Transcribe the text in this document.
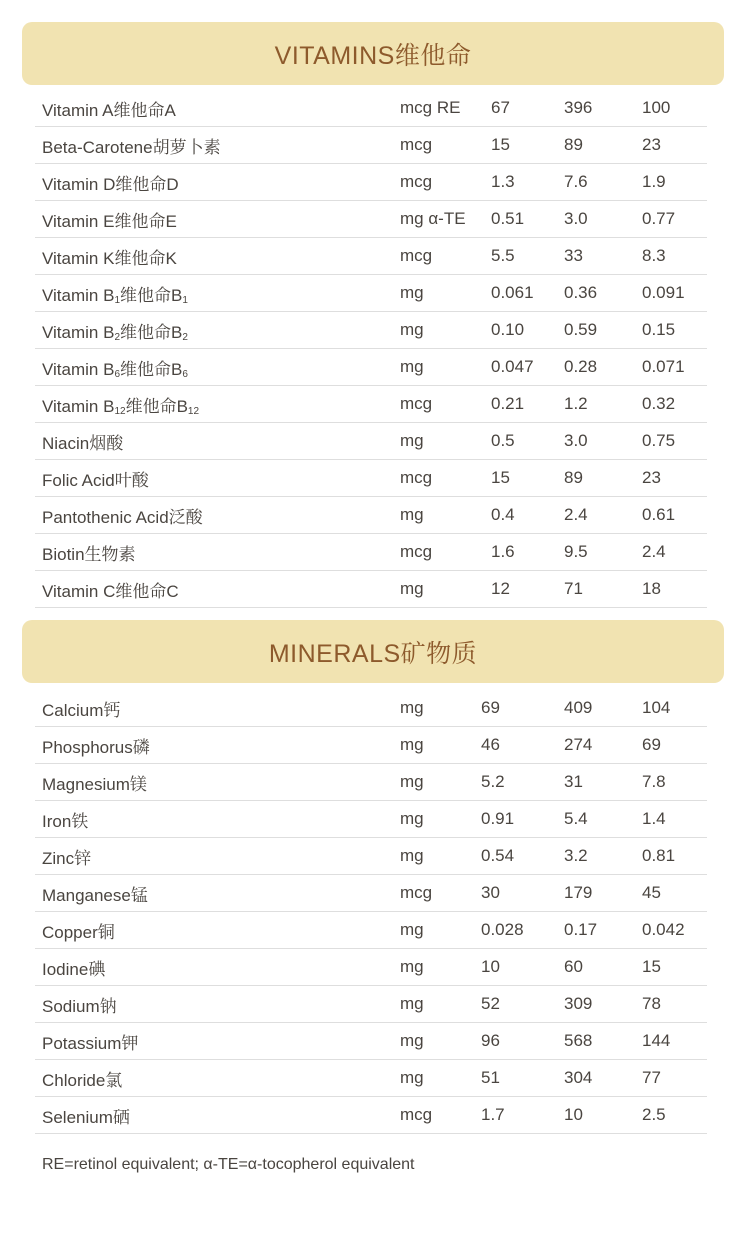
VITAMINS维他命
Vitamin A维他命A	mcg RE	67	396	100
Beta-Carotene胡萝卜素	mcg	15	89	23
Vitamin D维他命D	mcg	1.3	7.6	1.9
Vitamin E维他命E	mg α-TE	0.51	3.0	0.77
Vitamin K维他命K	mcg	5.5	33	8.3
Vitamin $B_1$维他命$B_1$	mg	0.061	0.36	0.091
Vitamin $B_2$维他命$B_2$	mg	0.10	0.59	0.15
Vitamin $B_6$维他命$B_6$	mg	0.047	0.28	0.071
Vitamin $B_{12}$维他命$B_{12}$	mcg	0.21	1.2	0.32
Niacin烟酸	mg	0.5	3.0	0.75
Folic Acid叶酸	mcg	15	89	23
Pantothenic Acid泛酸	mg	0.4	2.4	0.61
Biotin生物素	mcg	1.6	9.5	2.4
Vitamin C维他命C	mg	12	71	18
MINERALS矿物质
Calcium钙	mg	69	409	104
Phosphorus磷	mg	46	274	69
Magnesium镁	mg	5.2	31	7.8
Iron铁	mg	0.91	5.4	1.4
Zinc锌	mg	0.54	3.2	0.81
Manganese锰	mcg	30	179	45
Copper铜	mg	0.028	0.17	0.042
Iodine碘	mg	10	60	15
Sodium钠	mg	52	309	78
Potassium钾	mg	96	568	144
Chloride氯	mg	51	304	77
Selenium硒	mcg	1.7	10	2.5
RE=retinol equivalent; α-TE=α-tocopherol equivalent
